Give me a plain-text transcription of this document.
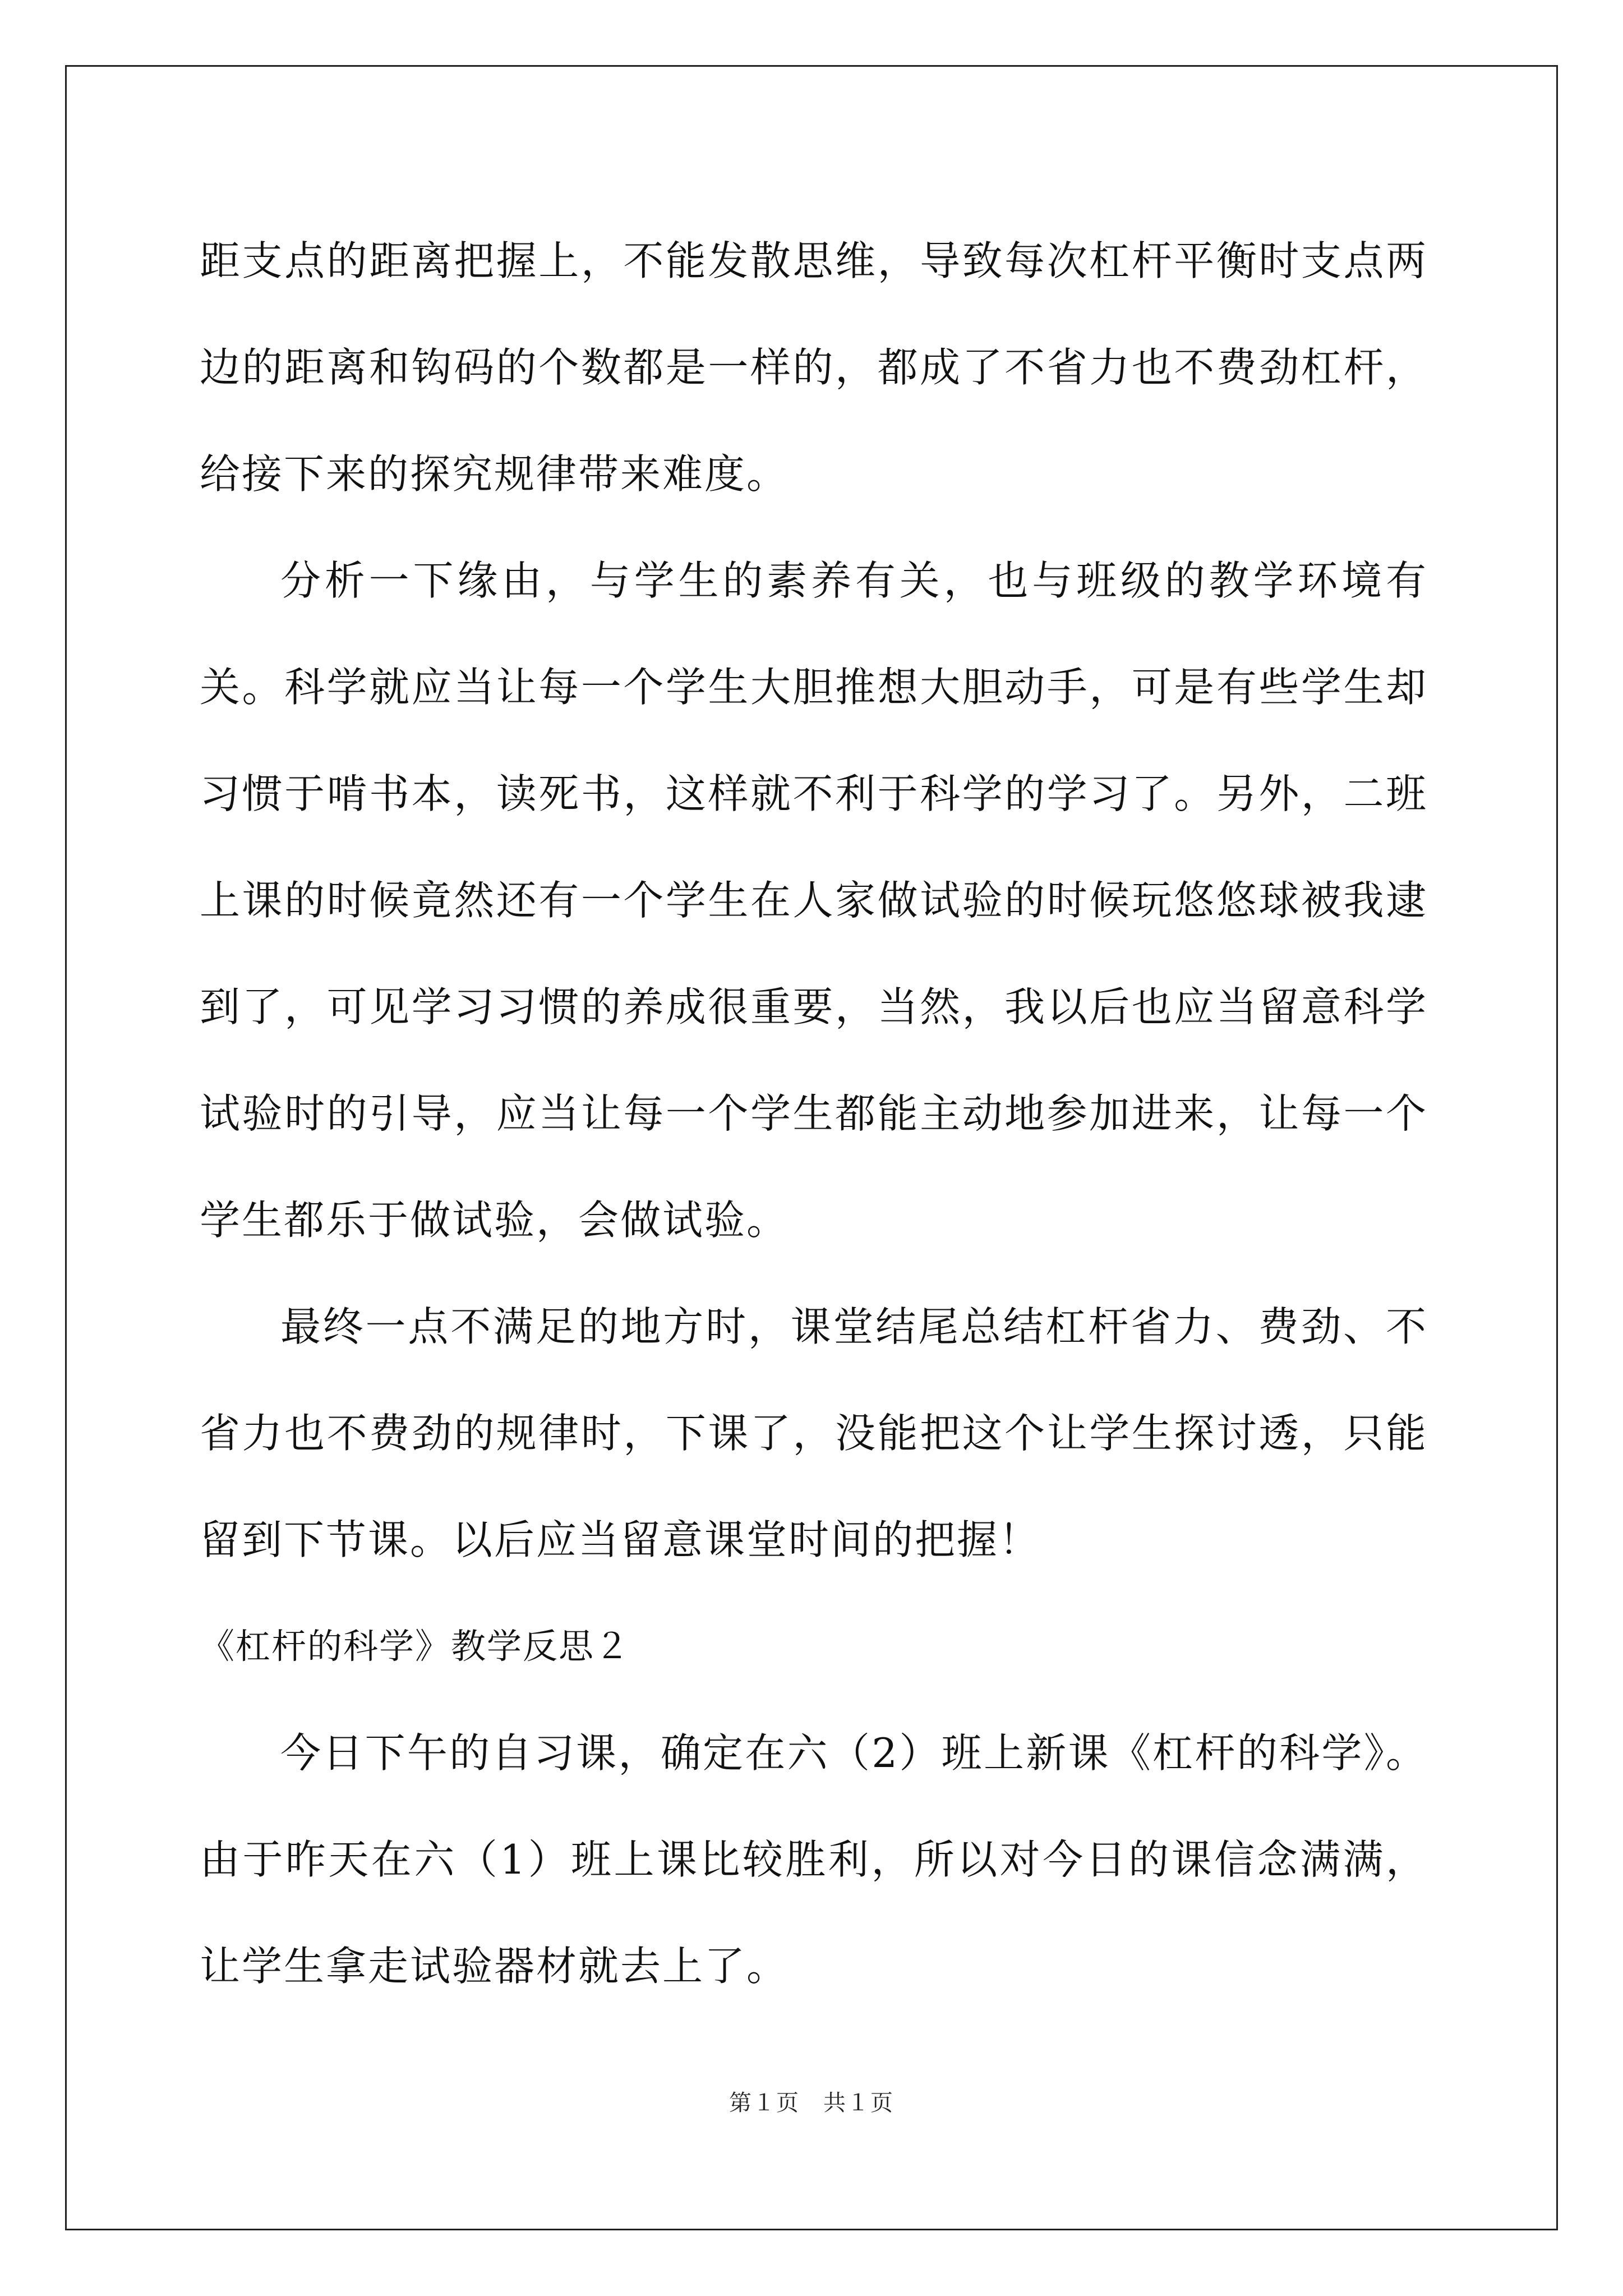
距支点的距离把握上，不能发散思维，导致每次杠杆平衡时支点两边的距离和钩码的个数都是一样的，都成了不省力也不费劲杠杆，给接下来的探究规律带来难度。

分析一下缘由，与学生的素养有关，也与班级的教学环境有关。科学就应当让每一个学生大胆推想大胆动手，可是有些学生却习惯于啃书本，读死书，这样就不利于科学的学习了。另外，二班上课的时候竟然还有一个学生在人家做试验的时候玩悠悠球被我逮到了，可见学习习惯的养成很重要，当然，我以后也应当留意科学试验时的引导，应当让每一个学生都能主动地参加进来，让每一个学生都乐于做试验，会做试验。

最终一点不满足的地方时，课堂结尾总结杠杆省力、费劲、不省力也不费劲的规律时，下课了，没能把这个让学生探讨透，只能留到下节课。以后应当留意课堂时间的把握！

《杠杆的科学》教学反思２

今日下午的自习课，确定在六（2）班上新课《杠杆的科学》。由于昨天在六（1）班上课比较胜利，所以对今日的课信念满满，让学生拿走试验器材就去上了。

第１页　共１页
